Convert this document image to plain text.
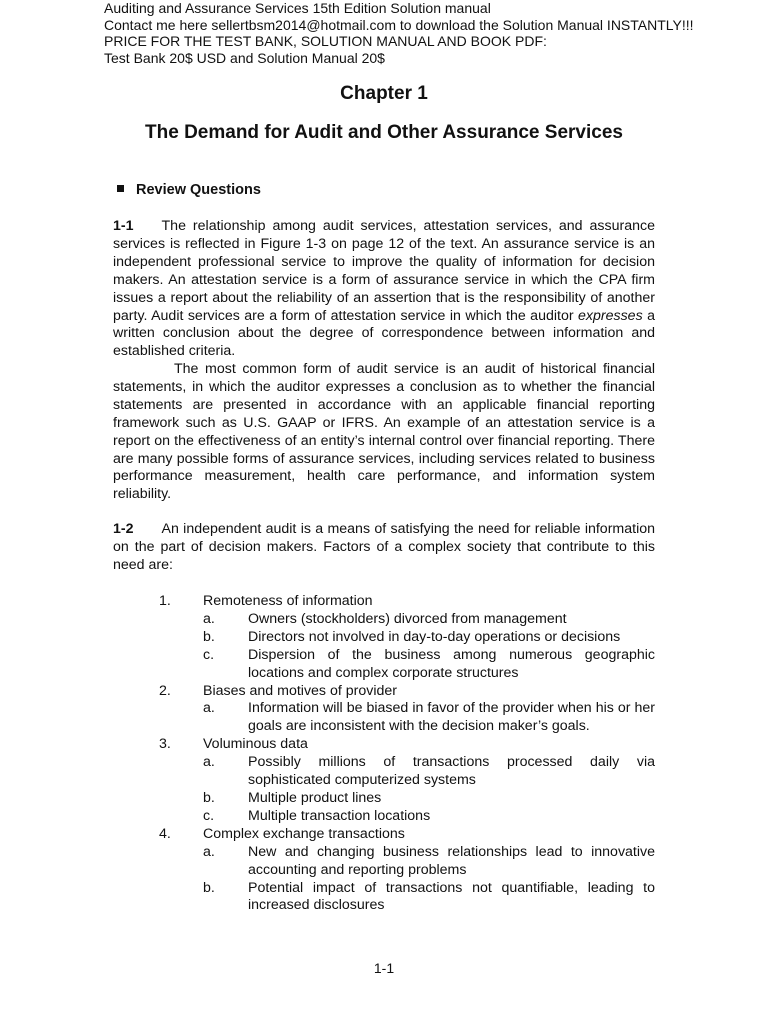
Auditing and Assurance Services 15th Edition Solution manual
Contact me here sellertbsm2014@hotmail.com to download the Solution Manual INSTANTLY!!!
PRICE FOR THE TEST BANK, SOLUTION MANUAL AND BOOK PDF:
Test Bank 20$ USD and Solution Manual 20$
Chapter 1
The Demand for Audit and Other Assurance Services
Review Questions
1-1 The relationship among audit services, attestation services, and assurance services is reflected in Figure 1-3 on page 12 of the text. An assurance service is an independent professional service to improve the quality of information for decision makers. An attestation service is a form of assurance service in which the CPA firm issues a report about the reliability of an assertion that is the responsibility of another party. Audit services are a form of attestation service in which the auditor expresses a written conclusion about the degree of correspondence between information and established criteria.
The most common form of audit service is an audit of historical financial statements, in which the auditor expresses a conclusion as to whether the financial statements are presented in accordance with an applicable financial reporting framework such as U.S. GAAP or IFRS. An example of an attestation service is a report on the effectiveness of an entity’s internal control over financial reporting. There are many possible forms of assurance services, including services related to business performance measurement, health care performance, and information system reliability.
1-2 An independent audit is a means of satisfying the need for reliable information on the part of decision makers. Factors of a complex society that contribute to this need are:
1. Remoteness of information
a. Owners (stockholders) divorced from management
b. Directors not involved in day-to-day operations or decisions
c. Dispersion of the business among numerous geographic locations and complex corporate structures
2. Biases and motives of provider
a. Information will be biased in favor of the provider when his or her goals are inconsistent with the decision maker’s goals.
3. Voluminous data
a. Possibly millions of transactions processed daily via sophisticated computerized systems
b. Multiple product lines
c. Multiple transaction locations
4. Complex exchange transactions
a. New and changing business relationships lead to innovative accounting and reporting problems
b. Potential impact of transactions not quantifiable, leading to increased disclosures
1-1
